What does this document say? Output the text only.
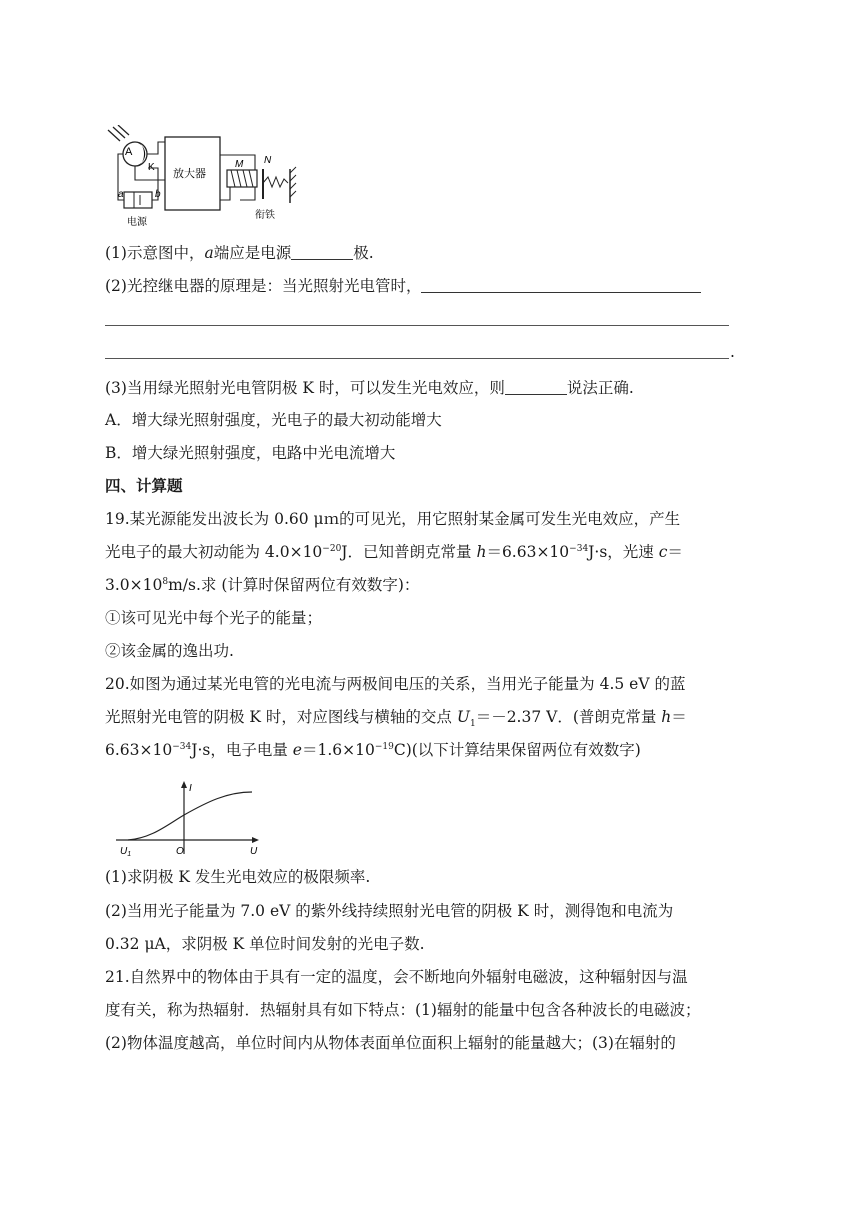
A
K
a	b
电源
放大器
M N
衔铁
(1)示意图中，a端应是电源	极.
(2)光控继电器的原理是：当光照射光电管时，
.
(3)当用绿光照射光电管阴极 K 时，可以发生光电效应，则	说法正确.
A．增大绿光照射强度，光电子的最大初动能增大
B．增大绿光照射强度，电路中光电流增大
四、计算题
19.某光源能发出波长为 0.60 μｍ的可见光，用它照射某金属可发生光电效应，产生
光电子的最大初动能为 $4.0\times 10^{-20}J$．已知普朗克常量 $h=6.63\times 10^{-34}J\cdot s$，光速 c＝
$3.0\times 10^8m/s$.求 (计算时保留两位有效数字)：
①该可见光中每个光子的能量；
②该金属的逸出功.
20.如图为通过某光电管的光电流与两极间电压的关系，当用光子能量为 4.5 eV 的蓝
光照射光电管的阴极 K 时，对应图线与横轴的交点 $U_1=-2.37$ V．(普朗克常量 h＝
$6.63\times 10^{-34}J\cdot s$，电子电量 $e=1.6\times 10^{-19}C$)(以下计算结果保留两位有效数字)
I
U
O
$U_1$
(1)求阴极 K 发生光电效应的极限频率.
(2)当用光子能量为 7.0 eV 的紫外线持续照射光电管的阴极 K 时，测得饱和电流为
0.32 μA，求阴极 K 单位时间发射的光电子数.
21.自然界中的物体由于具有一定的温度，会不断地向外辐射电磁波，这种辐射因与温
度有关，称为热辐射．热辐射具有如下特点：(1)辐射的能量中包含各种波长的电磁波；
(2)物体温度越高，单位时间内从物体表面单位面积上辐射的能量越大；(3)在辐射的
